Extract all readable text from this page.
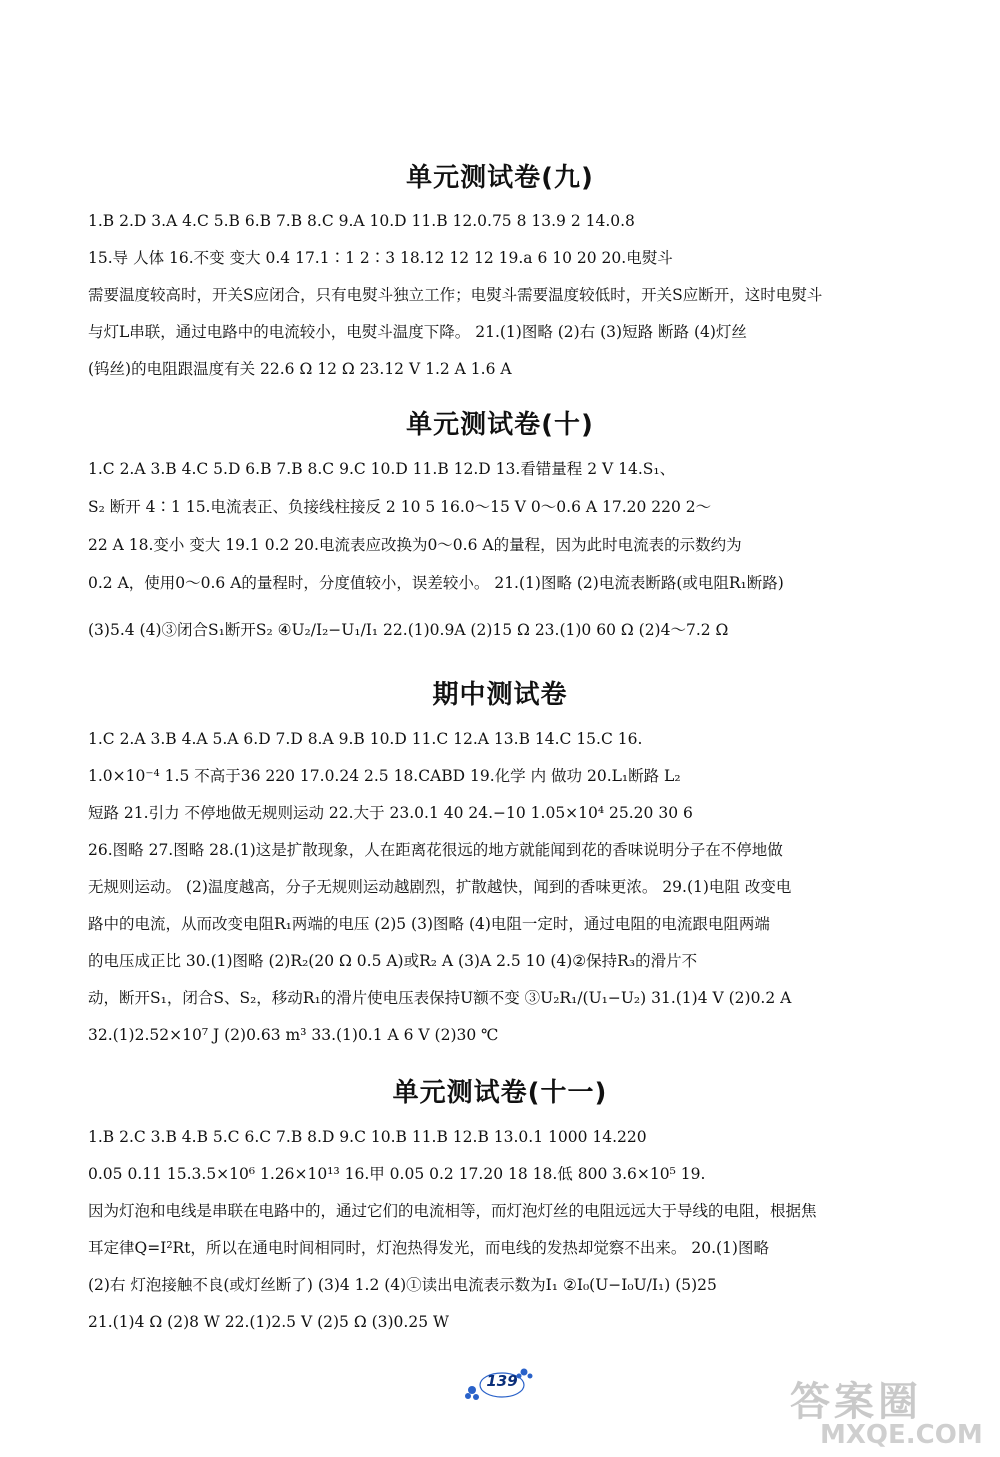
单元测试卷(九)
1.B 2.D 3.A 4.C 5.B 6.B 7.B 8.C 9.A 10.D 11.B 12.0.75 8 13.9 2 14.0.8
15.导 人体 16.不变 变大 0.4 17.1∶1 2∶3 18.12 12 12 19.a 6 10 20 20.电熨斗
需要温度较高时，开关S应闭合，只有电熨斗独立工作；电熨斗需要温度较低时，开关S应断开，这时电熨斗
与灯L串联，通过电路中的电流较小，电熨斗温度下降。 21.(1)图略 (2)右 (3)短路 断路 (4)灯丝
(钨丝)的电阻跟温度有关 22.6 Ω 12 Ω 23.12 V 1.2 A 1.6 A
单元测试卷(十)
1.C 2.A 3.B 4.C 5.D 6.B 7.B 8.C 9.C 10.D 11.B 12.D 13.看错量程 2 V 14.S₁、
S₂ 断开 4∶1 15.电流表正、负接线柱接反 2 10 5 16.0～15 V 0～0.6 A 17.20 220 2～
22 A 18.变小 变大 19.1 0.2 20.电流表应改换为0～0.6 A的量程，因为此时电流表的示数约为
0.2 A，使用0～0.6 A的量程时，分度值较小，误差较小。 21.(1)图略 (2)电流表断路(或电阻R₁断路)
(3)5.4 (4)③闭合S₁断开S₂ ④U₂/I₂−U₁/I₁ 22.(1)0.9A (2)15 Ω 23.(1)0 60 Ω (2)4～7.2 Ω
期中测试卷
1.C 2.A 3.B 4.A 5.A 6.D 7.D 8.A 9.B 10.D 11.C 12.A 13.B 14.C 15.C 16.
1.0×10⁻⁴ 1.5 不高于36 220 17.0.24 2.5 18.CABD 19.化学 内 做功 20.L₁断路 L₂
短路 21.引力 不停地做无规则运动 22.大于 23.0.1 40 24.−10 1.05×10⁴ 25.20 30 6
26.图略 27.图略 28.(1)这是扩散现象，人在距离花很远的地方就能闻到花的香味说明分子在不停地做
无规则运动。 (2)温度越高，分子无规则运动越剧烈，扩散越快，闻到的香味更浓。 29.(1)电阻 改变电
路中的电流，从而改变电阻R₁两端的电压 (2)5 (3)图略 (4)电阻一定时，通过电阻的电流跟电阻两端
的电压成正比 30.(1)图略 (2)R₂(20 Ω 0.5 A)或R₂ A (3)A 2.5 10 (4)②保持R₃的滑片不
动，断开S₁，闭合S、S₂，移动R₁的滑片使电压表保持U额不变 ③U₂R₁/(U₁−U₂) 31.(1)4 V (2)0.2 A
32.(1)2.52×10⁷ J (2)0.63 m³ 33.(1)0.1 A 6 V (2)30 ℃
单元测试卷(十一)
1.B 2.C 3.B 4.B 5.C 6.C 7.B 8.D 9.C 10.B 11.B 12.B 13.0.1 1000 14.220
0.05 0.11 15.3.5×10⁶ 1.26×10¹³ 16.甲 0.05 0.2 17.20 18 18.低 800 3.6×10⁵ 19.
因为灯泡和电线是串联在电路中的，通过它们的电流相等，而灯泡灯丝的电阻远远大于导线的电阻，根据焦
耳定律Q=I²Rt，所以在通电时间相同时，灯泡热得发光，而电线的发热却觉察不出来。 20.(1)图略
(2)右 灯泡接触不良(或灯丝断了) (3)4 1.2 (4)①读出电流表示数为I₁ ②I₀(U−I₀U/I₁) (5)25
21.(1)4 Ω (2)8 W 22.(1)2.5 V (2)5 Ω (3)0.25 W
139	答案圈
MXQE.COM
